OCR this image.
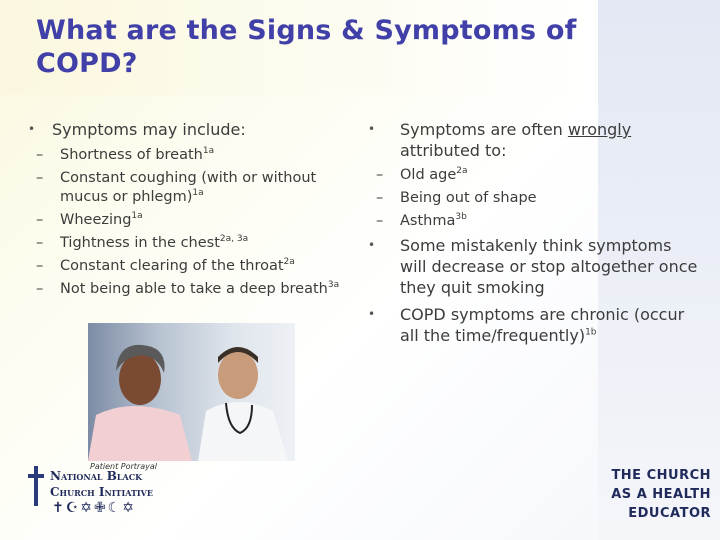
What are the Signs & Symptoms of COPD?
• Symptoms may include:
– Shortness of breath$^{1a}$
– Constant coughing (with or without mucus or phlegm)$^{1a}$
– Wheezing$^{1a}$
– Tightness in the chest$^{2a, 3a}$
– Constant clearing of the throat$^{2a}$
– Not being able to take a deep breath$^{3a}$
Patient Portrayal
• Symptoms are often wrongly attributed to:
– Old age$^{2a}$
– Being out of shape
– Asthma$^{3b}$
• Some mistakenly think symptoms will decrease or stop altogether once they quit smoking
• COPD symptoms are chronic (occur all the time/frequently)$^{1b}$
National Black
Church Initiative
✝☪✡✙☾✡
THE CHURCH
AS A HEALTH
EDUCATOR
